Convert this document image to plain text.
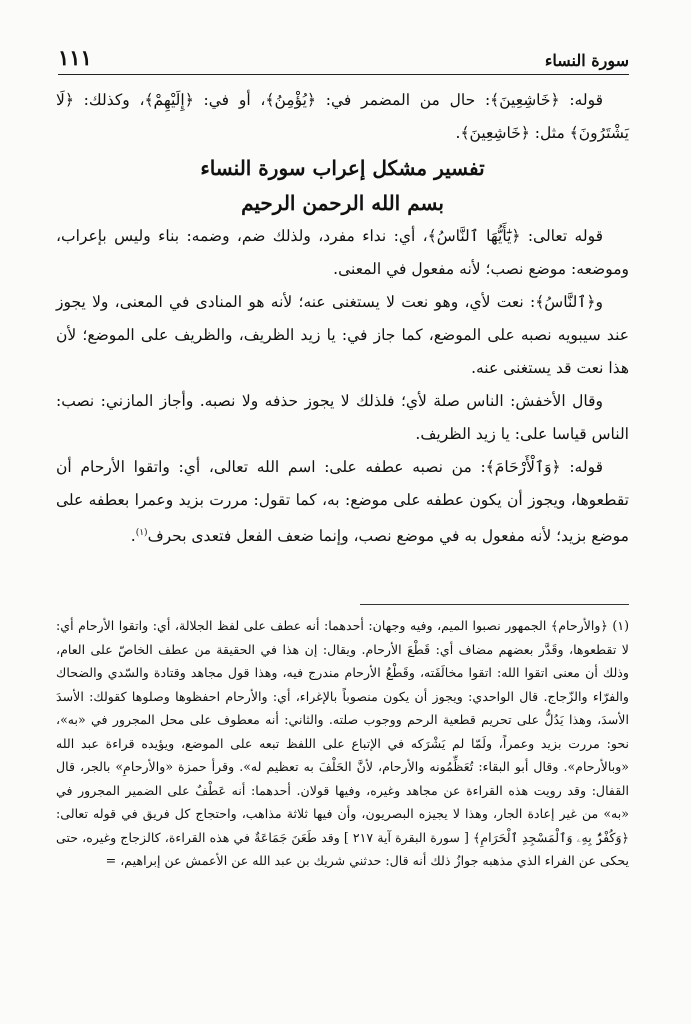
١١١	سورة النساء

قوله: ﴿خَاشِعِينَ﴾: حال من المضمر في: ﴿يُؤْمِنُ﴾، أو في: ﴿إِلَيْهِمْ﴾، وكذلك: ﴿لَا يَشْتَرُونَ﴾ مثل: ﴿خَاشِعِينَ﴾.

تفسير مشكل إعراب سورة النساء

بسم الله الرحمن الرحيم

قوله تعالى: ﴿يَٰٓأَيُّهَا ٱلنَّاسُ﴾، أي: نداء مفرد، ولذلك ضم، وضمه: بناء وليس بإعراب، وموضعه: موضع نصب؛ لأنه مفعول في المعنى.

و﴿ٱلنَّاسُ﴾: نعت لأي، وهو نعت لا يستغنى عنه؛ لأنه هو المنادى في المعنى، ولا يجوز عند سيبويه نصبه على الموضع، كما جاز في: يا زيد الظريف، والظريف على الموضع؛ لأن هذا نعت قد يستغنى عنه.

وقال الأخفش: الناس صلة لأي؛ فلذلك لا يجوز حذفه ولا نصبه. وأجاز المازني: نصب: الناس قياسا على: يا زيد الظريف.

قوله: ﴿وَٱلْأَرْحَامَ﴾: من نصبه عطفه على: اسم الله تعالى، أي: واتقوا الأرحام أن تقطعوها، ويجوز أن يكون عطفه على موضع: به، كما تقول: مررت بزيد وعمرا بعطفه على موضع بزيد؛ لأنه مفعول به في موضع نصب، وإنما ضعف الفعل فتعدى بحرف$^{(١)}$.

(١) ﴿والأرحام﴾ الجمهور نصبوا الميم، وفيه وجهان: أحدهما: أنه عطف على لفظ الجلالة، أي: واتقوا الأرحام أي: لا تقطعوها، وقَدَّر بعضهم مضاف أي: قَطْعَ الأرحام. ويقال: إن هذا في الحقيقة من عطف الخاصّ على العام، وذلك أن معنى اتقوا الله: اتقوا مخالَفَته، وقَطْعُ الأرحام مندرج فيه، وهذا قول مجاهد وقتادة والسّدي والضحاك والفرّاء والزّجاج. قال الواحدي: ويجوز أن يكون منصوباً بالإغراء، أي: والأرحام احفظوها وصلوها كقولك: الأسدَ الأسدَ، وهذا يَدُلُّ على تحريم قطعية الرحم ووجوب صلته. والثاني: أنه معطوف على محل المجرور في «به»، نحو: مررت بزيد وعمراً، ولَمّا لم يَشْرَكه في الإتباع على اللفظ تبعه على الموضع، ويؤيده قراءة عبد الله «وبالأرحام». وقال أبو البقاء: تُعَظِّمُونه والأرحام، لأنَّ الحَلْفَ به تعظيم له». وقرأ حمزة «والأرحامِ» بالجر، قال القفال: وقد رويت هذه القراءة عن مجاهد وغيره، وفيها قولان. أحدهما: أنه عَطْفٌ على الضمير المجرور في «به» من غير إعادة الجار، وهذا لا يجيزه البصريون، وأن فيها ثلاثة مذاهب، واحتجاج كل فريق في قوله تعالى: ﴿وَكُفْرٌۢ بِهِۦ وَٱلْمَسْجِدِ ٱلْحَرَامِ﴾ [ سورة البقرة آية ٢١٧ ] وقد طَعَنَ جَمَاعَةٌ في هذه القراءة، كالزجاج وغيره، حتى يحكى عن الفراء الذي مذهبه جوازُ ذلك أنه قال: حدثني شريك بن عبد الله عن الأعمش عن إبراهيم، =
